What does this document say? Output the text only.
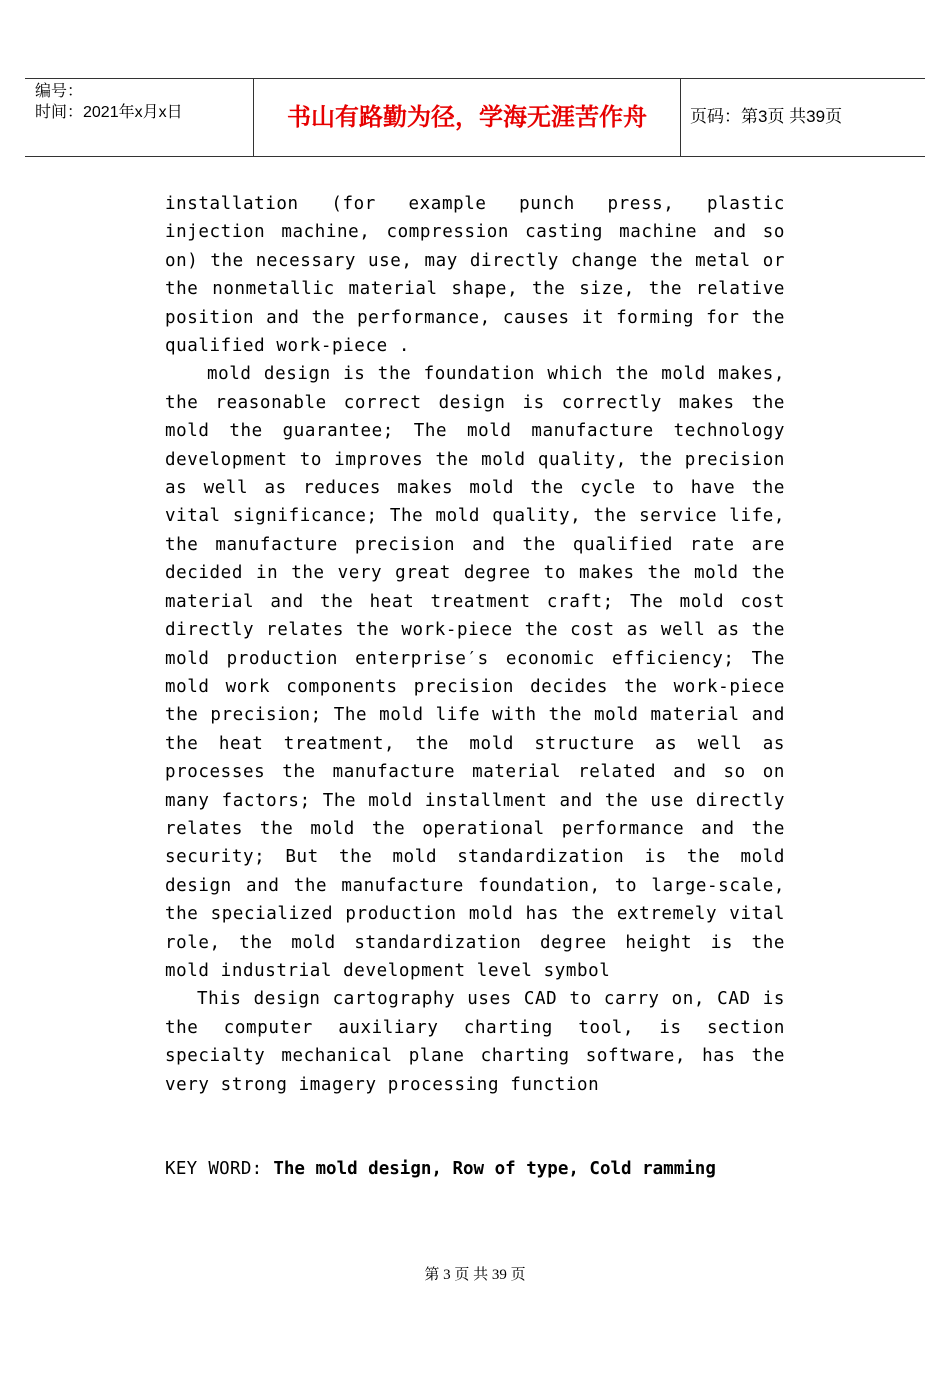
编号：
时间：2021年x月x日	书山有路勤为径，学海无涯苦作舟	页码：第3页 共39页

installation (for example punch press, plastic injection machine, compression casting machine and so on) the necessary use, may directly change the metal or the nonmetallic material shape, the size, the relative position and the performance, causes it forming for the qualified work-piece .

mold design is the foundation which the mold makes, the reasonable correct design is correctly makes the mold the guarantee; The mold manufacture technology development to improves the mold quality, the precision as well as reduces makes mold the cycle to have the vital significance; The mold quality, the service life, the manufacture precision and the qualified rate are decided in the very great degree to makes the mold the material and the heat treatment craft; The mold cost directly relates the work-piece the cost as well as the mold production enterprise′s economic efficiency; The mold work components precision decides the work-piece the precision; The mold life with the mold material and the heat treatment, the mold structure as well as processes the manufacture material related and so on many factors; The mold installment and the use directly relates the mold the operational performance and the security; But the mold standardization is the mold design and the manufacture foundation, to large-scale, the specialized production mold has the extremely vital role, the mold standardization degree height is the mold industrial development level symbol

This design cartography uses CAD to carry on, CAD is the computer auxiliary charting tool, is section specialty mechanical plane charting software, has the very strong imagery processing function

KEY WORD: The mold design, Row of type, Cold ramming
第 3 页 共 39 页
